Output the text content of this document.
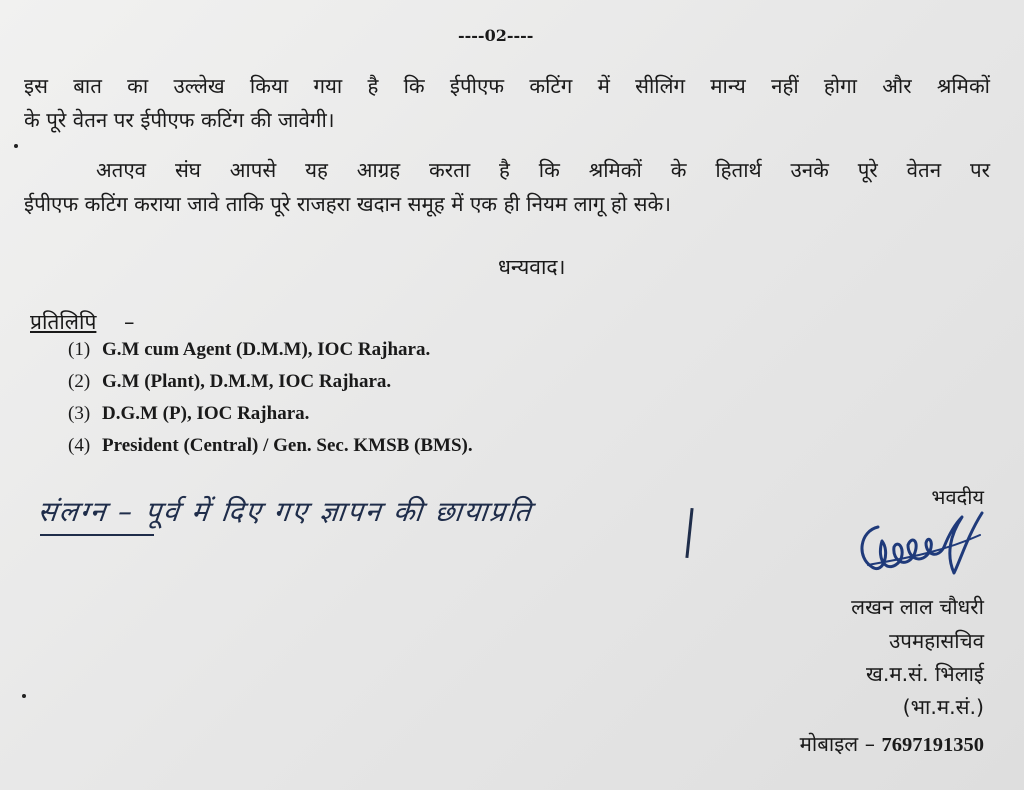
----02----
इस बात का उल्लेख किया गया है कि ईपीएफ कटिंग में सीलिंग मान्य नहीं होगा और श्रमिकों
के पूरे वेतन पर ईपीएफ कटिंग की जावेगी।
अतएव संघ आपसे यह आग्रह करता है कि श्रमिकों के हितार्थ उनके पूरे वेतन पर
ईपीएफ कटिंग कराया जावे ताकि पूरे राजहरा खदान समूह में एक ही नियम लागू हो सके।
धन्यवाद।
प्रतिलिपि –
(1) G.M cum Agent (D.M.M), IOC Rajhara.
(2) G.M (Plant), D.M.M, IOC Rajhara.
(3) D.G.M (P), IOC Rajhara.
(4) President (Central) / Gen. Sec. KMSB (BMS).
संलग्न – पूर्व में दिए गए ज्ञापन की छायाप्रति	भवदीय
लखन लाल चौधरी
उपमहासचिव
ख.म.सं. भिलाई
(भा.म.सं.)
मोबाइल – 7697191350
